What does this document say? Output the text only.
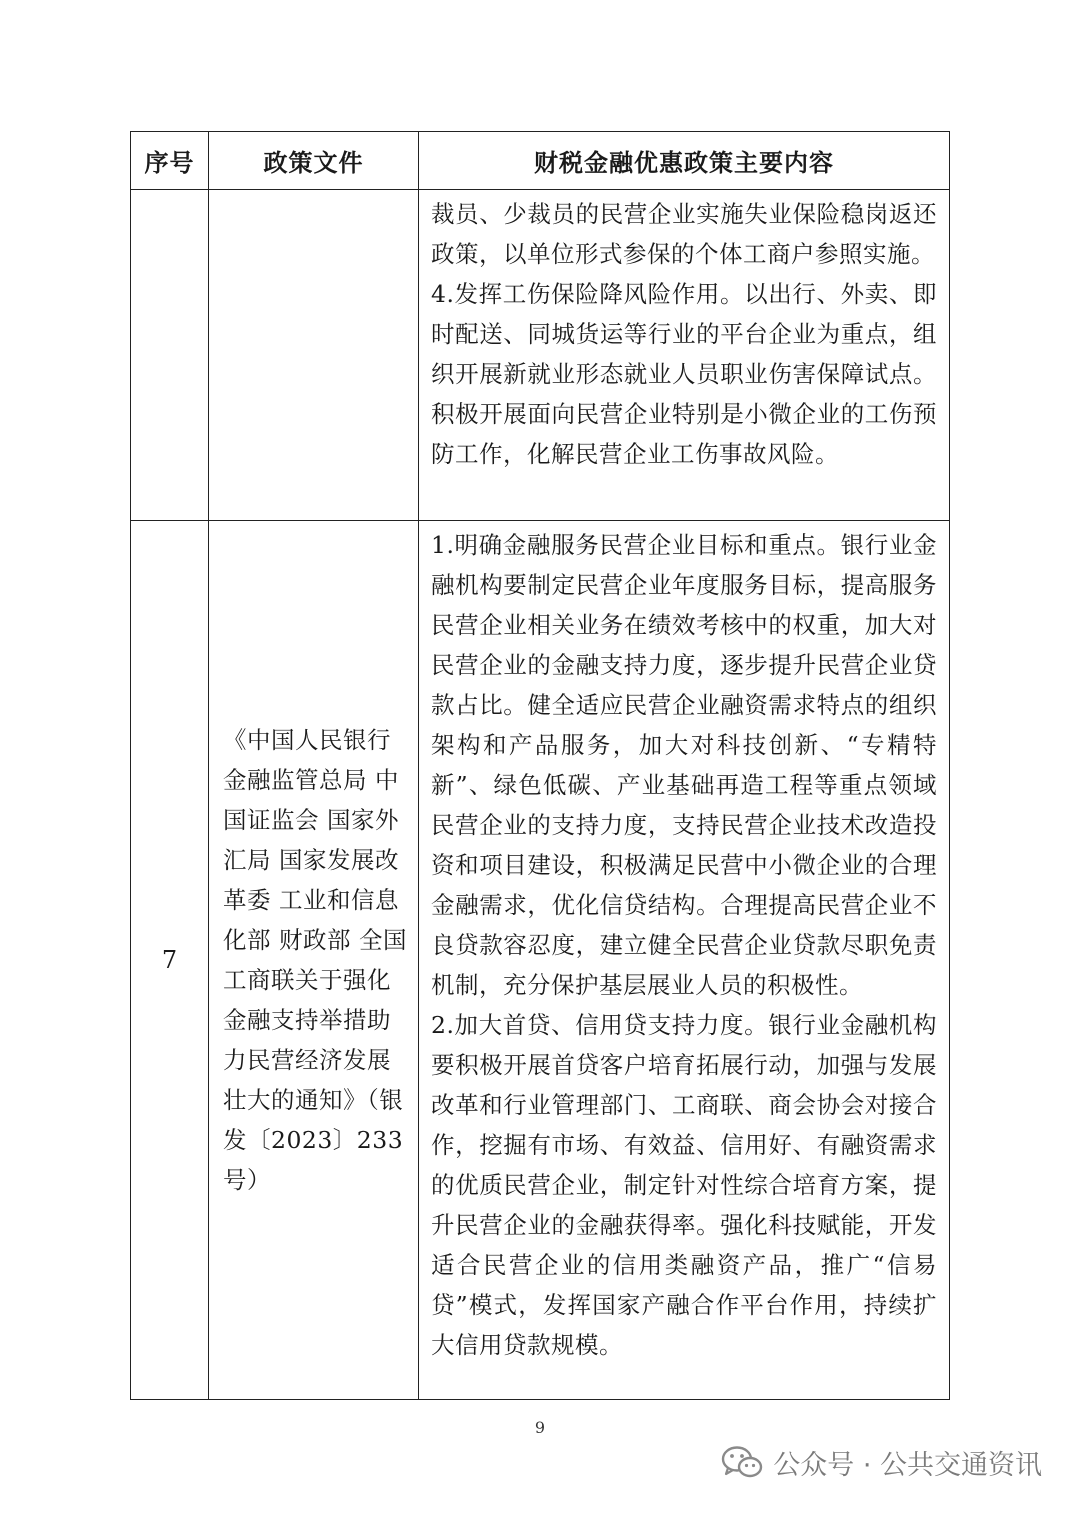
序号	政策文件	财税金融优惠政策主要内容

		裁员、少裁员的民营企业实施失业保险稳岗返还政策，以单位形式参保的个体工商户参照实施。

4.发挥工伤保险降风险作用。以出行、外卖、即时配送、同城货运等行业的平台企业为重点，组织开展新就业形态就业人员职业伤害保障试点。积极开展面向民营企业特别是小微企业的工伤预防工作，化解民营企业工伤事故风险。

7	《中国人民银行 金融监管总局 中国证监会 国家外汇局 国家发展改革委 工业和信息化部 财政部 全国工商联关于强化金融支持举措助力民营经济发展壮大的通知》（银发〔2023〕233号）	1.明确金融服务民营企业目标和重点。银行业金融机构要制定民营企业年度服务目标，提高服务民营企业相关业务在绩效考核中的权重，加大对民营企业的金融支持力度，逐步提升民营企业贷款占比。健全适应民营企业融资需求特点的组织架构和产品服务，加大对科技创新、“专精特新”、绿色低碳、产业基础再造工程等重点领域民营企业的支持力度，支持民营企业技术改造投资和项目建设，积极满足民营中小微企业的合理金融需求，优化信贷结构。合理提高民营企业不良贷款容忍度，建立健全民营企业贷款尽职免责机制，充分保护基层展业人员的积极性。

2.加大首贷、信用贷支持力度。银行业金融机构要积极开展首贷客户培育拓展行动，加强与发展改革和行业管理部门、工商联、商会协会对接合作，挖掘有市场、有效益、信用好、有融资需求的优质民营企业，制定针对性综合培育方案，提升民营企业的金融获得率。强化科技赋能，开发适合民营企业的信用类融资产品，推广“信易贷”模式，发挥国家产融合作平台作用，持续扩大信用贷款规模。

9
公众号 · 公共交通资讯
